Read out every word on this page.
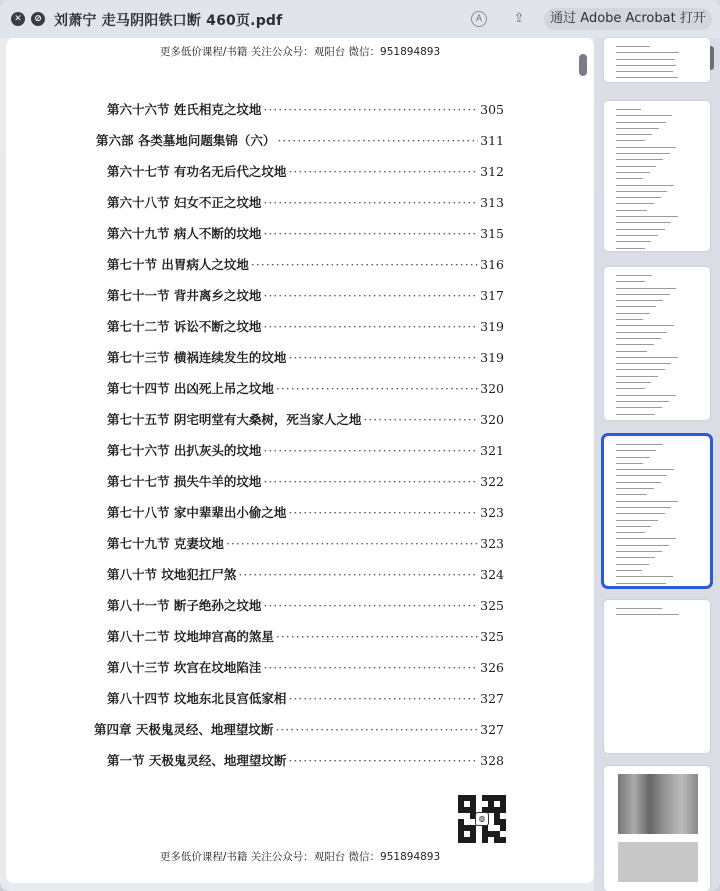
✕	⊘ 刘萧宁 走马阴阳铁口断 460页.pdf	A	⇪	通过 Adobe Acrobat 打开
更多低价课程/书籍 关注公众号：观阳台 微信：951894893
第六十六节 姓氏相克之坟地 ·····	305
第六部 各类墓地问题集锦（六） ·····	311
第六十七节 有功名无后代之坟地 ·····	312
第六十八节 妇女不正之坟地 ·····	313
第六十九节 病人不断的坟地 ·····	315
第七十节 出胃病人之坟地 ·····	316
第七十一节 背井离乡之坟地 ·····	317
第七十二节 诉讼不断之坟地 ·····	319
第七十三节 横祸连续发生的坟地 ·····	319
第七十四节 出凶死上吊之坟地 ·····	320
第七十五节 阴宅明堂有大桑树，死当家人之地 ·····	320
第七十六节 出扒灰头的坟地 ·····	321
第七十七节 损失牛羊的坟地 ·····	322
第七十八节 家中辈辈出小偷之地 ·····	323
第七十九节 克妻坟地 ·····	323
第八十节 坟地犯扛尸煞 ·····	324
第八十一节 断子绝孙之坟地 ·····	325
第八十二节 坟地坤宫高的煞星 ·····	325
第八十三节 坎宫在坟地陷洼 ·····	326
第八十四节 坟地东北艮宫低家相 ·····	327
第四章 天极鬼灵经、地理望坟断 ·····	327
第一节 天极鬼灵经、地理望坟断 ·····	328
◍
更多低价课程/书籍 关注公众号：观阳台 微信：951894893
